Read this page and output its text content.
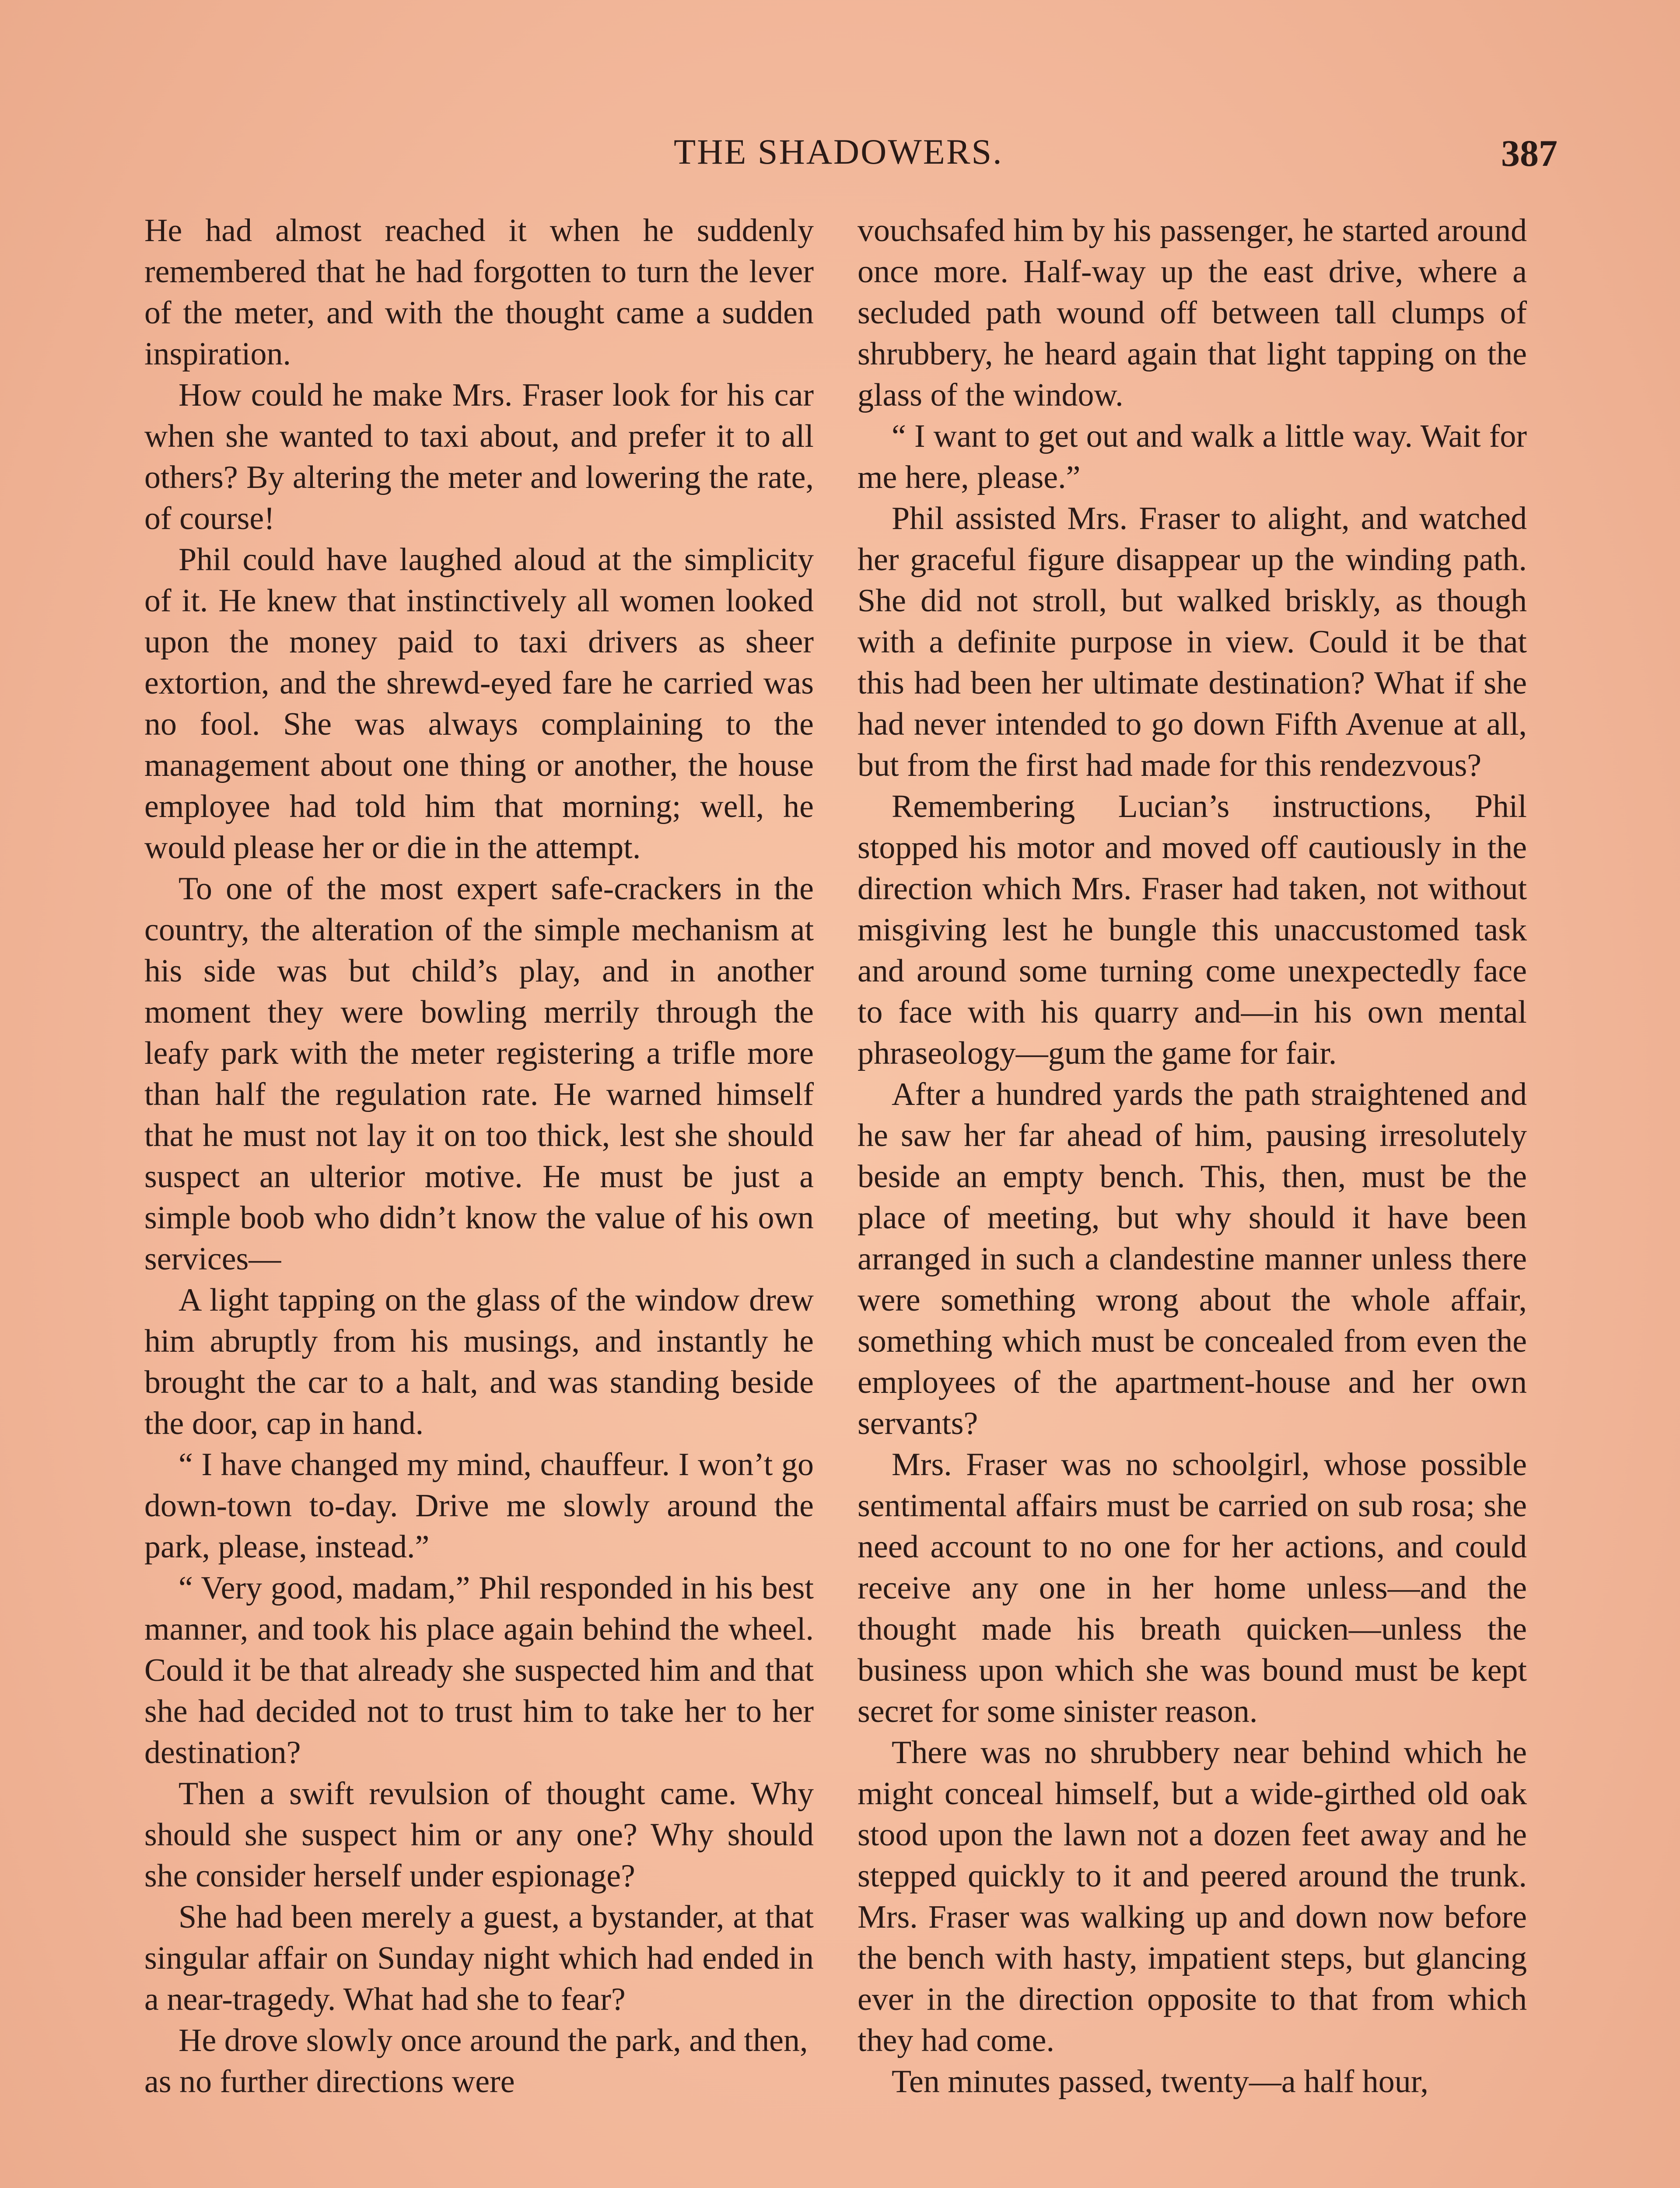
THE SHADOWERS.	387

He had almost reached it when he suddenly remembered that he had forgotten to turn the lever of the meter, and with the thought came a sudden inspiration.

How could he make Mrs. Fraser look for his car when she wanted to taxi about, and prefer it to all others? By altering the meter and lowering the rate, of course!

Phil could have laughed aloud at the simplicity of it. He knew that instinctively all women looked upon the money paid to taxi drivers as sheer extortion, and the shrewd-eyed fare he carried was no fool. She was always complaining to the management about one thing or another, the house employee had told him that morning; well, he would please her or die in the attempt.

To one of the most expert safe-crackers in the country, the alteration of the simple mechanism at his side was but child’s play, and in another moment they were bowling merrily through the leafy park with the meter registering a trifle more than half the regulation rate. He warned himself that he must not lay it on too thick, lest she should suspect an ulterior motive. He must be just a simple boob who didn’t know the value of his own services—

A light tapping on the glass of the window drew him abruptly from his musings, and instantly he brought the car to a halt, and was standing beside the door, cap in hand.

“ I have changed my mind, chauffeur. I won’t go down-town to-day. Drive me slowly around the park, please, instead.”

“ Very good, madam,” Phil responded in his best manner, and took his place again behind the wheel. Could it be that already she suspected him and that she had decided not to trust him to take her to her destination?

Then a swift revulsion of thought came. Why should she suspect him or any one? Why should she consider herself under espionage?

She had been merely a guest, a bystander, at that singular affair on Sunday night which had ended in a near-tragedy. What had she to fear?

He drove slowly once around the park, and then, as no further directions were

vouchsafed him by his passenger, he started around once more. Half-way up the east drive, where a secluded path wound off between tall clumps of shrubbery, he heard again that light tapping on the glass of the window.

“ I want to get out and walk a little way. Wait for me here, please.”

Phil assisted Mrs. Fraser to alight, and watched her graceful figure disappear up the winding path. She did not stroll, but walked briskly, as though with a definite purpose in view. Could it be that this had been her ultimate destination? What if she had never intended to go down Fifth Avenue at all, but from the first had made for this rendezvous?

Remembering Lucian’s instructions, Phil stopped his motor and moved off cautiously in the direction which Mrs. Fraser had taken, not without misgiving lest he bungle this unaccustomed task and around some turning come unexpectedly face to face with his quarry and—in his own mental phraseology—gum the game for fair.

After a hundred yards the path straightened and he saw her far ahead of him, pausing irresolutely beside an empty bench. This, then, must be the place of meeting, but why should it have been arranged in such a clandestine manner unless there were something wrong about the whole affair, something which must be concealed from even the employees of the apartment-house and her own servants?

Mrs. Fraser was no schoolgirl, whose possible sentimental affairs must be carried on sub rosa; she need account to no one for her actions, and could receive any one in her home unless—and the thought made his breath quicken—unless the business upon which she was bound must be kept secret for some sinister reason.

There was no shrubbery near behind which he might conceal himself, but a wide-girthed old oak stood upon the lawn not a dozen feet away and he stepped quickly to it and peered around the trunk. Mrs. Fraser was walking up and down now before the bench with hasty, impatient steps, but glancing ever in the direction opposite to that from which they had come.

Ten minutes passed, twenty—a half hour,
